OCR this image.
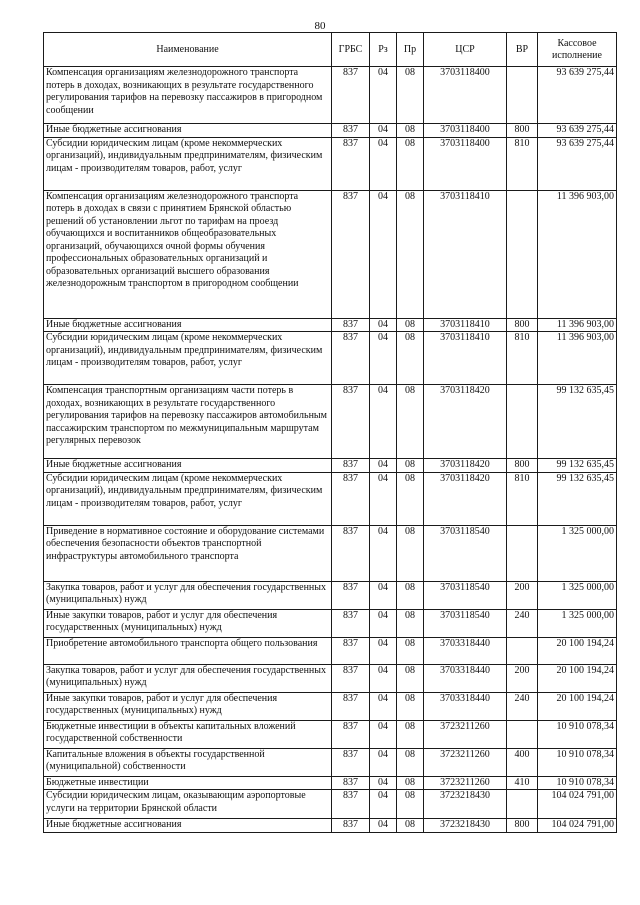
80
Наименование	ГРБС	Рз	Пр	ЦСР	ВР	Кассовое исполнение
Компенсация организациям железнодорожного транспорта потерь в доходах, возникающих в результате государственного регулирования тарифов на перевозку пассажиров в пригородном сообщении	837	04	08	3703118400		93 639 275,44
Иные бюджетные ассигнования	837	04	08	3703118400	800	93 639 275,44
Субсидии юридическим лицам (кроме некоммерческих организаций), индивидуальным предпринимателям, физическим лицам - производителям товаров, работ, услуг	837	04	08	3703118400	810	93 639 275,44
Компенсация организациям железнодорожного транспорта потерь в доходах в связи с принятием Брянской областью решений об установлении льгот по тарифам на проезд обучающихся и воспитанников общеобразовательных организаций, обучающихся очной формы обучения профессиональных образовательных организаций и образовательных организаций высшего образования железнодорожным транспортом в пригородном сообщении	837	04	08	3703118410		11 396 903,00
Иные бюджетные ассигнования	837	04	08	3703118410	800	11 396 903,00
Субсидии юридическим лицам (кроме некоммерческих организаций), индивидуальным предпринимателям, физическим лицам - производителям товаров, работ, услуг	837	04	08	3703118410	810	11 396 903,00
Компенсация транспортным организациям части потерь в доходах, возникающих в результате государственного регулирования тарифов на перевозку пассажиров автомобильным пассажирским транспортом по межмуниципальным маршрутам регулярных перевозок	837	04	08	3703118420		99 132 635,45
Иные бюджетные ассигнования	837	04	08	3703118420	800	99 132 635,45
Субсидии юридическим лицам (кроме некоммерческих организаций), индивидуальным предпринимателям, физическим лицам - производителям товаров, работ, услуг	837	04	08	3703118420	810	99 132 635,45
Приведение в нормативное состояние и оборудование системами обеспечения безопасности объектов транспортной инфраструктуры автомобильного транспорта	837	04	08	3703118540		1 325 000,00
Закупка товаров, работ и услуг для обеспечения государственных (муниципальных) нужд	837	04	08	3703118540	200	1 325 000,00
Иные закупки товаров, работ и услуг для обеспечения государственных (муниципальных) нужд	837	04	08	3703118540	240	1 325 000,00
Приобретение автомобильного транспорта общего пользования	837	04	08	3703318440		20 100 194,24
Закупка товаров, работ и услуг для обеспечения государственных (муниципальных) нужд	837	04	08	3703318440	200	20 100 194,24
Иные закупки товаров, работ и услуг для обеспечения государственных (муниципальных) нужд	837	04	08	3703318440	240	20 100 194,24
Бюджетные инвестиции в объекты капитальных вложений государственной собственности	837	04	08	3723211260		10 910 078,34
Капитальные вложения в объекты государственной (муниципальной) собственности	837	04	08	3723211260	400	10 910 078,34
Бюджетные инвестиции	837	04	08	3723211260	410	10 910 078,34
Субсидии юридическим лицам, оказывающим аэропортовые услуги на территории Брянской области	837	04	08	3723218430		104 024 791,00
Иные бюджетные ассигнования	837	04	08	3723218430	800	104 024 791,00
